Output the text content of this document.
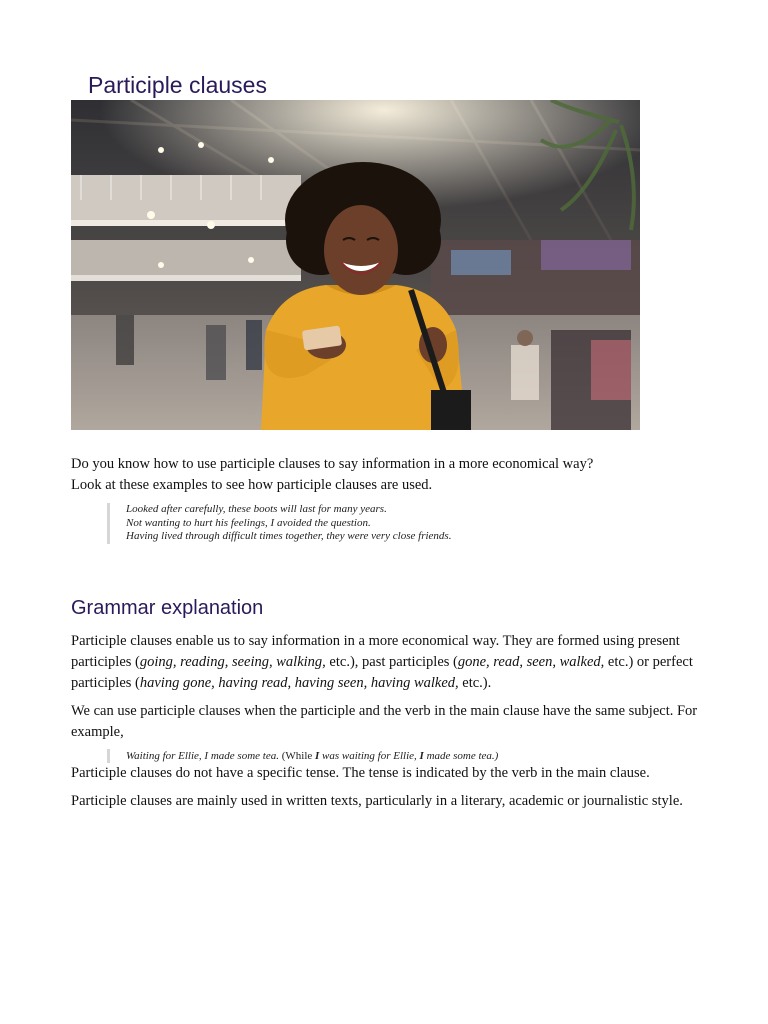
Participle clauses

Do you know how to use participle clauses to say information in a more economical way?
Look at these examples to see how participle clauses are used.

Looked after carefully, these boots will last for many years.
Not wanting to hurt his feelings, I avoided the question.
Having lived through difficult times together, they were very close friends.
Grammar explanation

Participle clauses enable us to say information in a more economical way. They are formed using present participles (going, reading, seeing, walking, etc.), past participles (gone, read, seen, walked, etc.) or perfect participles (having gone, having read, having seen, having walked, etc.).

We can use participle clauses when the participle and the verb in the main clause have the same subject. For example,

Waiting for Ellie, I made some tea. (While I was waiting for Ellie, I made some tea.)

Participle clauses do not have a specific tense. The tense is indicated by the verb in the main clause.

Participle clauses are mainly used in written texts, particularly in a literary, academic or journalistic style.
